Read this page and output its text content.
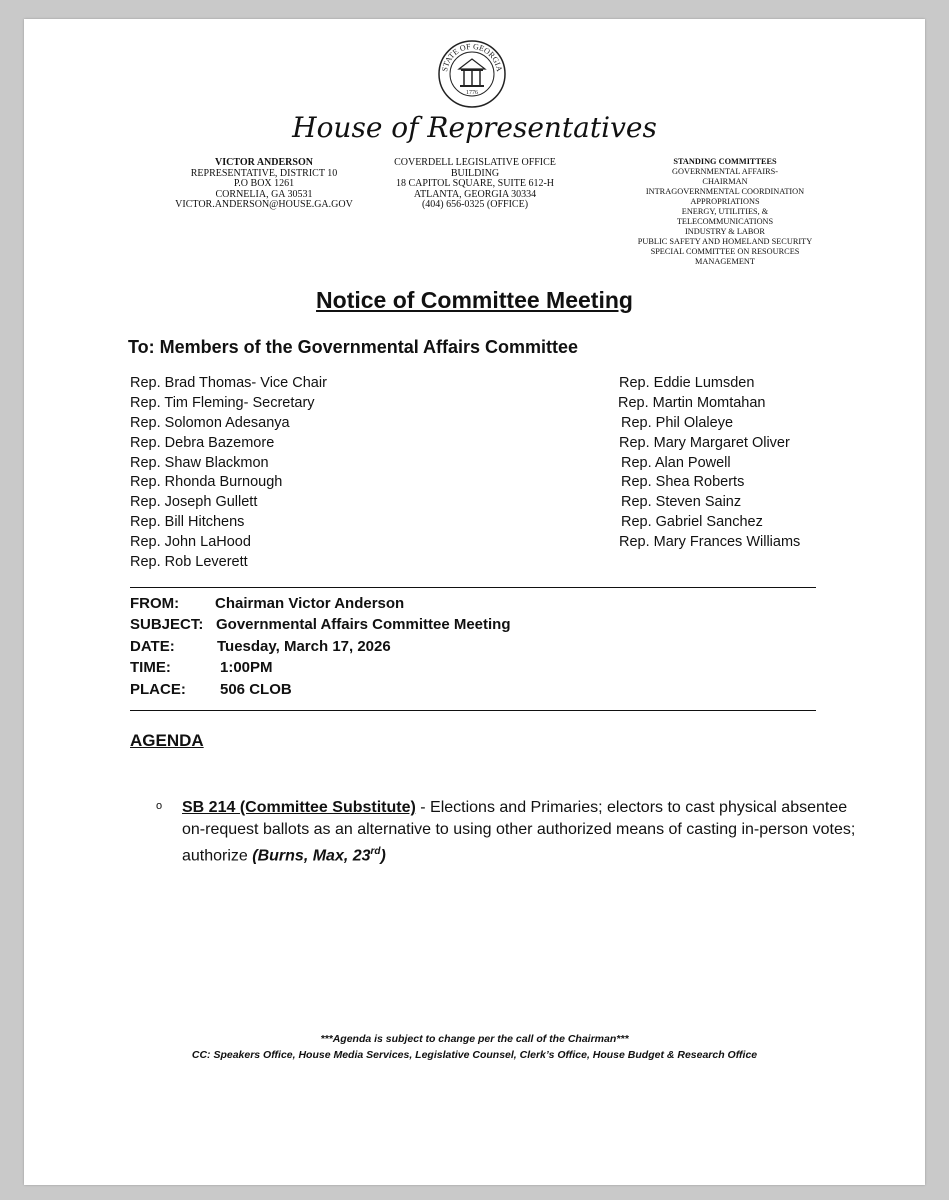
STATE OF GEORGIA
1776
House of Representatives
VICTOR ANDERSON
REPRESENTATIVE, DISTRICT 10
P.O BOX 1261
CORNELIA, GA 30531
VICTOR.ANDERSON@HOUSE.GA.GOV
COVERDELL LEGISLATIVE OFFICE
BUILDING
18 CAPITOL SQUARE, SUITE 612-H
ATLANTA, GEORGIA 30334
(404) 656-0325 (OFFICE)
STANDING COMMITTEES
GOVERNMENTAL AFFAIRS-
CHAIRMAN
INTRAGOVERNMENTAL COORDINATION
APPROPRIATIONS
ENERGY, UTILITIES, &
TELECOMMUNICATIONS
INDUSTRY & LABOR
PUBLIC SAFETY AND HOMELAND SECURITY
SPECIAL COMMITTEE ON RESOURCES
MANAGEMENT
Notice of Committee Meeting
To: Members of the Governmental Affairs Committee
Rep. Brad Thomas- Vice Chair
Rep. Tim Fleming- Secretary
Rep. Solomon Adesanya
Rep. Debra Bazemore
Rep. Shaw Blackmon
Rep. Rhonda Burnough
Rep. Joseph Gullett
Rep. Bill Hitchens
Rep. John LaHood
Rep. Rob Leverett
Rep. Eddie Lumsden
Rep. Martin Momtahan
Rep. Phil Olaleye
Rep. Mary Margaret Oliver
Rep. Alan Powell
Rep. Shea Roberts
Rep. Steven Sainz
Rep. Gabriel Sanchez
Rep. Mary Frances Williams
FROM: Chairman Victor Anderson
SUBJECT: Governmental Affairs Committee Meeting
DATE:	Tuesday, March 17, 2026
TIME:	1:00PM
PLACE: 506 CLOB
AGENDA
o SB 214 (Committee Substitute) - Elections and Primaries; electors to cast physical absentee on-request ballots as an alternative to using other authorized means of casting in-person votes; authorize (Burns, Max, 23rd)
***Agenda is subject to change per the call of the Chairman***
CC: Speakers Office, House Media Services, Legislative Counsel, Clerk’s Office, House Budget & Research Office
